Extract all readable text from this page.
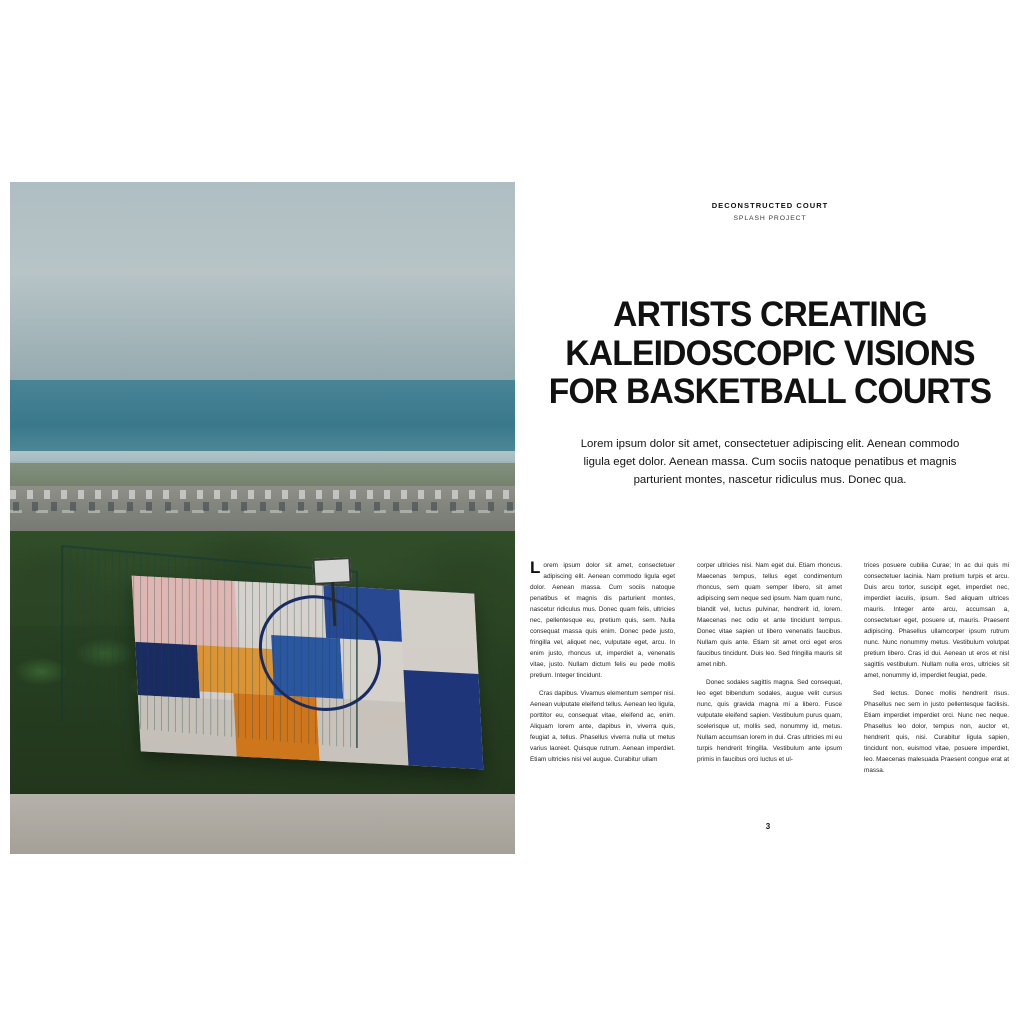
DECONSTRUCTED COURT
SPLASH PROJECT
ARTISTS CREATING KALEIDOSCOPIC VISIONS FOR BASKETBALL COURTS
Lorem ipsum dolor sit amet, consectetuer adipiscing elit. Aenean commodo ligula eget dolor. Aenean massa. Cum sociis natoque penatibus et magnis parturient montes, nascetur ridiculus mus. Donec qua.

Lorem ipsum dolor sit amet, consectetuer adipiscing elit. Aenean commodo ligula eget dolor. Aenean massa. Cum sociis natoque penatibus et magnis dis parturient montes, nascetur ridiculus mus. Donec quam felis, ultricies nec, pellentesque eu, pretium quis, sem. Nulla consequat massa quis enim. Donec pede justo, fringilla vel, aliquet nec, vulputate eget, arcu. In enim justo, rhoncus ut, imperdiet a, venenatis vitae, justo. Nullam dictum felis eu pede mollis pretium. Integer tincidunt.

Cras dapibus. Vivamus elementum semper nisi. Aenean vulputate eleifend tellus. Aenean leo ligula, porttitor eu, consequat vitae, eleifend ac, enim. Aliquam lorem ante, dapibus in, viverra quis, feugiat a, tellus. Phasellus viverra nulla ut metus varius laoreet. Quisque rutrum. Aenean imperdiet. Etiam ultricies nisi vel augue. Curabitur ullam

corper ultricies nisi. Nam eget dui. Etiam rhoncus. Maecenas tempus, tellus eget condimentum rhoncus, sem quam semper libero, sit amet adipiscing sem neque sed ipsum. Nam quam nunc, blandit vel, luctus pulvinar, hendrerit id, lorem. Maecenas nec odio et ante tincidunt tempus. Donec vitae sapien ut libero venenatis faucibus. Nullam quis ante. Etiam sit amet orci eget eros faucibus tincidunt. Duis leo. Sed fringilla mauris sit amet nibh.

Donec sodales sagittis magna. Sed consequat, leo eget bibendum sodales, augue velit cursus nunc, quis gravida magna mi a libero. Fusce vulputate eleifend sapien. Vestibulum purus quam, scelerisque ut, mollis sed, nonummy id, metus. Nullam accumsan lorem in dui. Cras ultricies mi eu turpis hendrerit fringilla. Vestibulum ante ipsum primis in faucibus orci luctus et ul-

trices posuere cubilia Curae; In ac dui quis mi consectetuer lacinia. Nam pretium turpis et arcu. Duis arcu tortor, suscipit eget, imperdiet nec, imperdiet iaculis, ipsum. Sed aliquam ultrices mauris. Integer ante arcu, accumsan a, consectetuer eget, posuere ut, mauris. Praesent adipiscing. Phasellus ullamcorper ipsum rutrum nunc. Nunc nonummy metus. Vestibulum volutpat pretium libero. Cras id dui. Aenean ut eros et nisl sagittis vestibulum. Nullam nulla eros, ultricies sit amet, nonummy id, imperdiet feugiat, pede.

Sed lectus. Donec mollis hendrerit risus. Phasellus nec sem in justo pellentesque facilisis. Etiam imperdiet imperdiet orci. Nunc nec neque. Phasellus leo dolor, tempus non, auctor et, hendrerit quis, nisi. Curabitur ligula sapien, tincidunt non, euismod vitae, posuere imperdiet, leo. Maecenas malesuada Praesent congue erat at massa.

3
